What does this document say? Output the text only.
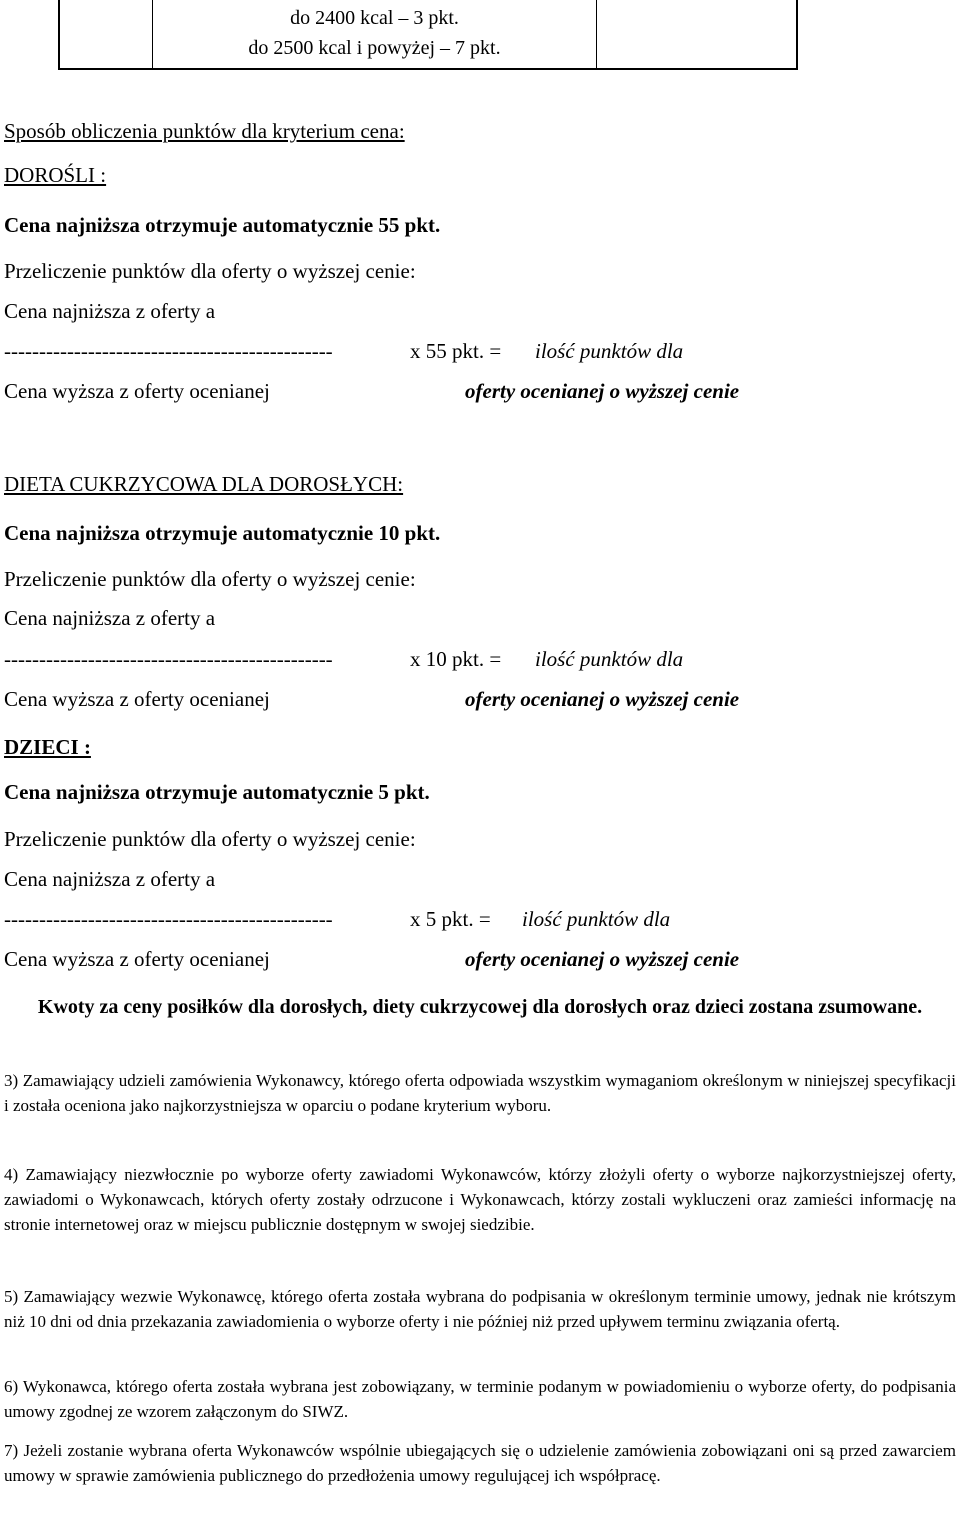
do 2400 kcal – 3 pkt.
do 2500 kcal i powyżej – 7 pkt.
Sposób obliczenia punktów dla kryterium cena:
DOROŚLI :
Cena najniższa otrzymuje automatycznie 55 pkt.
Przeliczenie punktów dla oferty o wyższej cenie:
Cena najniższa z oferty a
-----------------------------------------------	x 55 pkt. = ilość punktów dla
Cena wyższa z oferty ocenianej	oferty ocenianej o wyższej cenie
DIETA CUKRZYCOWA DLA DOROSŁYCH:
Cena najniższa otrzymuje automatycznie 10 pkt.
Przeliczenie punktów dla oferty o wyższej cenie:
Cena najniższa z oferty a
-----------------------------------------------	x 10 pkt. = ilość punktów dla
Cena wyższa z oferty ocenianej	oferty ocenianej o wyższej cenie
DZIECI :
Cena najniższa otrzymuje automatycznie 5 pkt.
Przeliczenie punktów dla oferty o wyższej cenie:
Cena najniższa z oferty a
-----------------------------------------------	x 5 pkt. = ilość punktów dla
Cena wyższa z oferty ocenianej	oferty ocenianej o wyższej cenie
Kwoty za ceny posiłków dla dorosłych, diety cukrzycowej dla dorosłych oraz dzieci zostana zsumowane.
3) Zamawiający udzieli zamówienia Wykonawcy, którego oferta odpowiada wszystkim wymaganiom określonym w niniejszej specyfikacji i została oceniona jako najkorzystniejsza w oparciu o podane kryterium wyboru.
4) Zamawiający niezwłocznie po wyborze oferty zawiadomi Wykonawców, którzy złożyli oferty o wyborze najkorzystniejszej oferty, zawiadomi o Wykonawcach, których oferty zostały odrzucone i Wykonawcach, którzy zostali wykluczeni oraz zamieści informację na stronie internetowej oraz w miejscu publicznie dostępnym w swojej siedzibie.
5) Zamawiający wezwie Wykonawcę, którego oferta została wybrana do podpisania w określonym terminie umowy, jednak nie krótszym niż 10 dni od dnia przekazania zawiadomienia o wyborze oferty i nie później niż przed upływem terminu związania ofertą.
6) Wykonawca, którego oferta została wybrana jest zobowiązany, w terminie podanym w powiadomieniu o wyborze oferty, do podpisania umowy zgodnej ze wzorem załączonym do SIWZ.
7) Jeżeli zostanie wybrana oferta Wykonawców wspólnie ubiegających się o udzielenie zamówienia zobowiązani oni są przed zawarciem umowy w sprawie zamówienia publicznego do przedłożenia umowy regulującej ich współpracę.
